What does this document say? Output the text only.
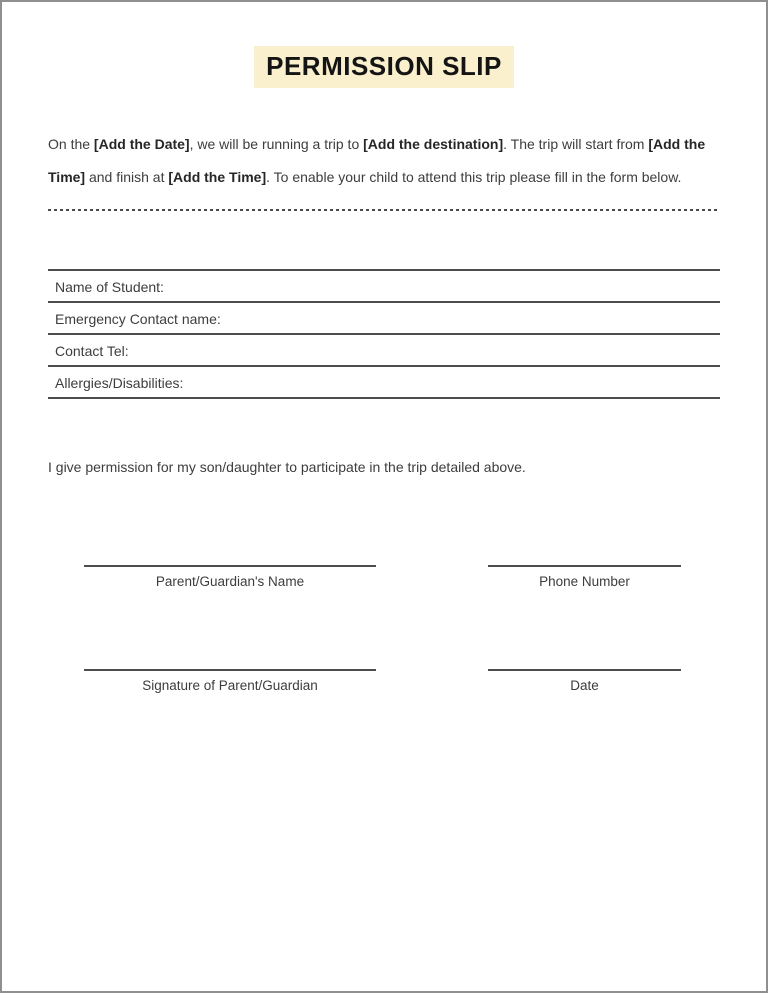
PERMISSION SLIP

On the [Add the Date], we will be running a trip to [Add the destination]. The trip will start from [Add the Time] and finish at [Add the Time]. To enable your child to attend this trip please fill in the form below.

Name of Student:
Emergency Contact name:
Contact Tel:
Allergies/Disabilities:

I give permission for my son/daughter to participate in the trip detailed above.

Parent/Guardian's Name	Phone Number
Signature of Parent/Guardian	Date
